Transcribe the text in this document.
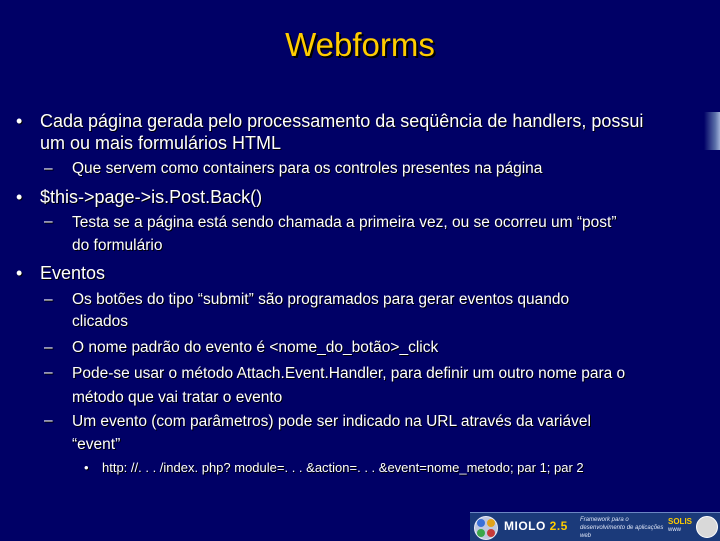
Webforms
• Cada página gerada pelo processamento da seqüência de handlers, possui
um ou mais formulários HTML
– Que servem como containers para os controles presentes na página
• $this->page->is.Post.Back()
– Testa se a página está sendo chamada a primeira vez, ou se ocorreu um “post”
do formulário
• Eventos
– Os botões do tipo “submit” são programados para gerar eventos quando
clicados
– O nome padrão do evento é <nome_do_botão>_click
– Pode-se usar o método Attach.Event.Handler, para definir um outro nome para o
método que vai tratar o evento
– Um evento (com parâmetros) pode ser indicado na URL através da variável
“event”
• http: //. . . /index. php? module=. . . &action=. . . &event=nome_metodo; par 1; par 2
MIOLO 2.5 Framework para o desenvolvimento de aplicações web
SOLIS
www
